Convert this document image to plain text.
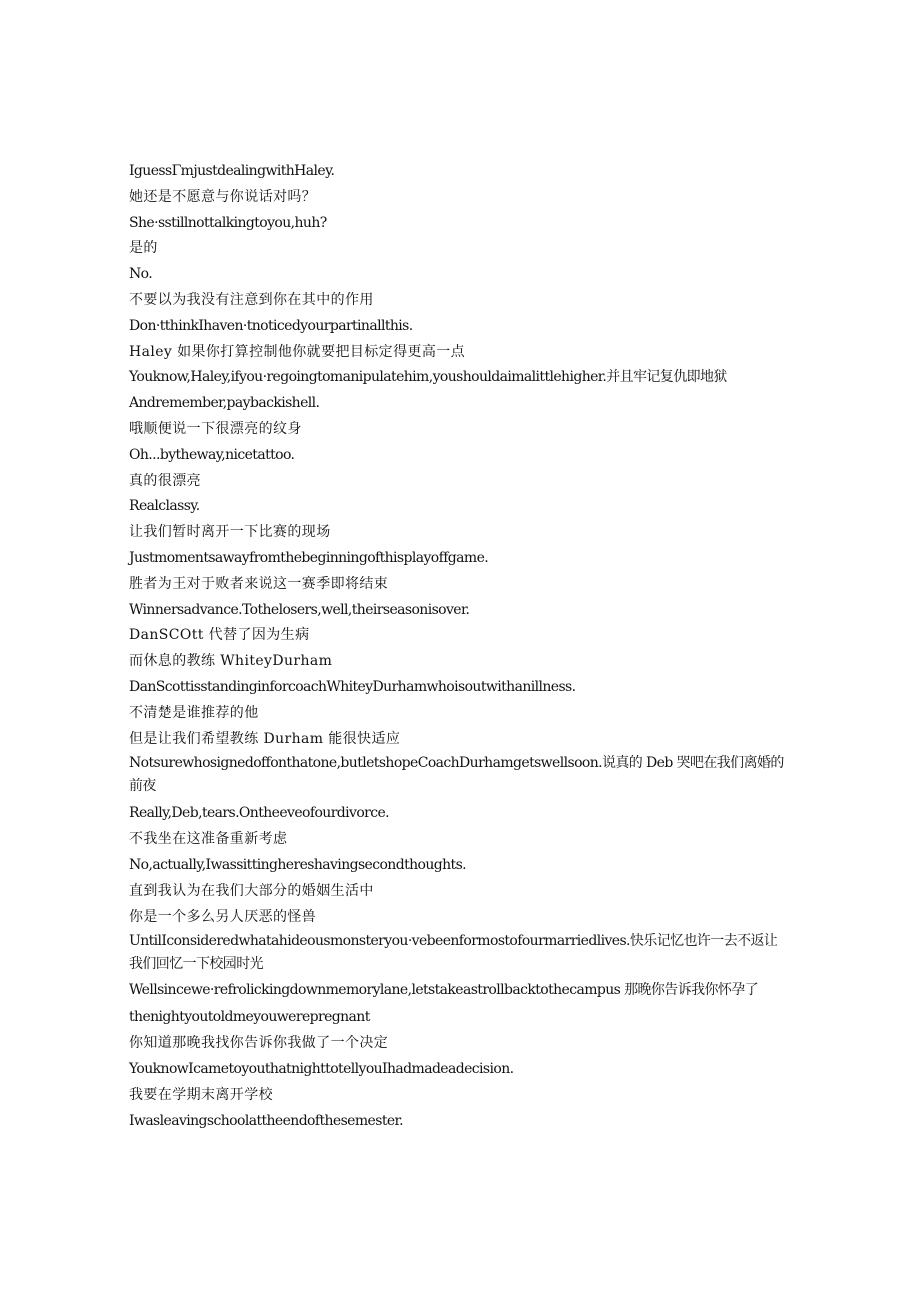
IguessΓmjustdealingwithHaley.
她还是不愿意与你说话对吗？
She·sstillnottalkingtoyou,huh?
是的
No.
不要以为我没有注意到你在其中的作用
Don·tthinkIhaven·tnoticedyourpartinallthis.
Haley 如果你打算控制他你就要把目标定得更高一点
Youknow,Haley,ifyou·regoingtomanipulatehim,youshouldaimalittlehigher.并且牢记复仇即地狱
Andremember,paybackishell.
哦顺便说一下很漂亮的纹身
Oh...bytheway,nicetattoo.
真的很漂亮
Realclassy.
让我们暂时离开一下比赛的现场
Justmomentsawayfromthebeginningofthisplayoffgame.
胜者为王对于败者来说这一赛季即将结束
Winnersadvance.Tothelosers,well,theirseasonisover.
DanSCOtt 代替了因为生病
而休息的教练 WhiteyDurham
DanScottisstandinginforcoachWhiteyDurhamwhoisoutwithanillness.
不清楚是谁推荐的他
但是让我们希望教练 Durham 能很快适应
Notsurewhosignedoffonthatone,butletshopeCoachDurhamgetswellsoon.说真的 Deb 哭吧在我们离婚的前夜
Really,Deb,tears.Ontheeveofourdivorce.
不我坐在这准备重新考虑
No,actually,Iwassittinghereshavingsecondthoughts.
直到我认为在我们大部分的婚姻生活中
你是一个多么另人厌恶的怪兽
UntilIconsideredwhatahideousmonsteryou·vebeenformostofourmarriedlives.快乐记忆也许一去不返让我们回忆一下校园时光
Wellsincewe·refrolickingdownmemorylane,letstakeastrollbacktothecampus 那晚你告诉我你怀孕了
thenightyoutoldmeyouwerepregnant
你知道那晚我找你告诉你我做了一个决定
YouknowIcametoyouthatnighttotellyouIhadmadeadecision.
我要在学期末离开学校
Iwasleavingschoolattheendofthesemester.
